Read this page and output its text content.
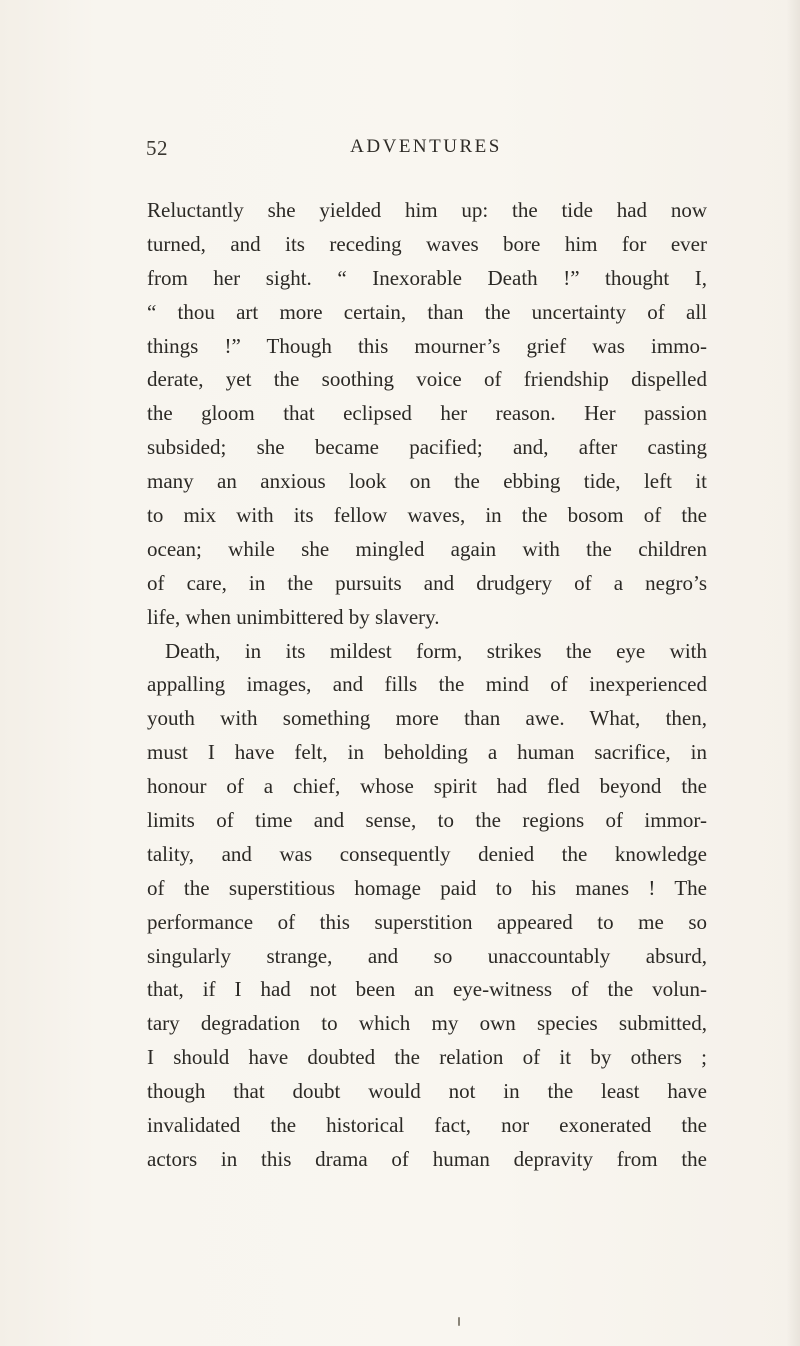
52	ADVENTURES
Reluctantly she yielded him up: the tide had now
turned, and its receding waves bore him for ever
from her sight. “ Inexorable Death !” thought I,
“ thou art more certain, than the uncertainty of all
things !” Though this mourner’s grief was immo-
derate, yet the soothing voice of friendship dispelled
the gloom that eclipsed her reason. Her passion
subsided; she became pacified; and, after casting
many an anxious look on the ebbing tide, left it
to mix with its fellow waves, in the bosom of the
ocean; while she mingled again with the children
of care, in the pursuits and drudgery of a negro’s
life, when unimbittered by slavery.
Death, in its mildest form, strikes the eye with
appalling images, and fills the mind of inexperienced
youth with something more than awe. What, then,
must I have felt, in beholding a human sacrifice, in
honour of a chief, whose spirit had fled beyond the
limits of time and sense, to the regions of immor-
tality, and was consequently denied the knowledge
of the superstitious homage paid to his manes ! The
performance of this superstition appeared to me so
singularly strange, and so unaccountably absurd,
that, if I had not been an eye-witness of the volun-
tary degradation to which my own species submitted,
I should have doubted the relation of it by others ;
though that doubt would not in the least have
invalidated the historical fact, nor exonerated the
actors in this drama of human depravity from the
